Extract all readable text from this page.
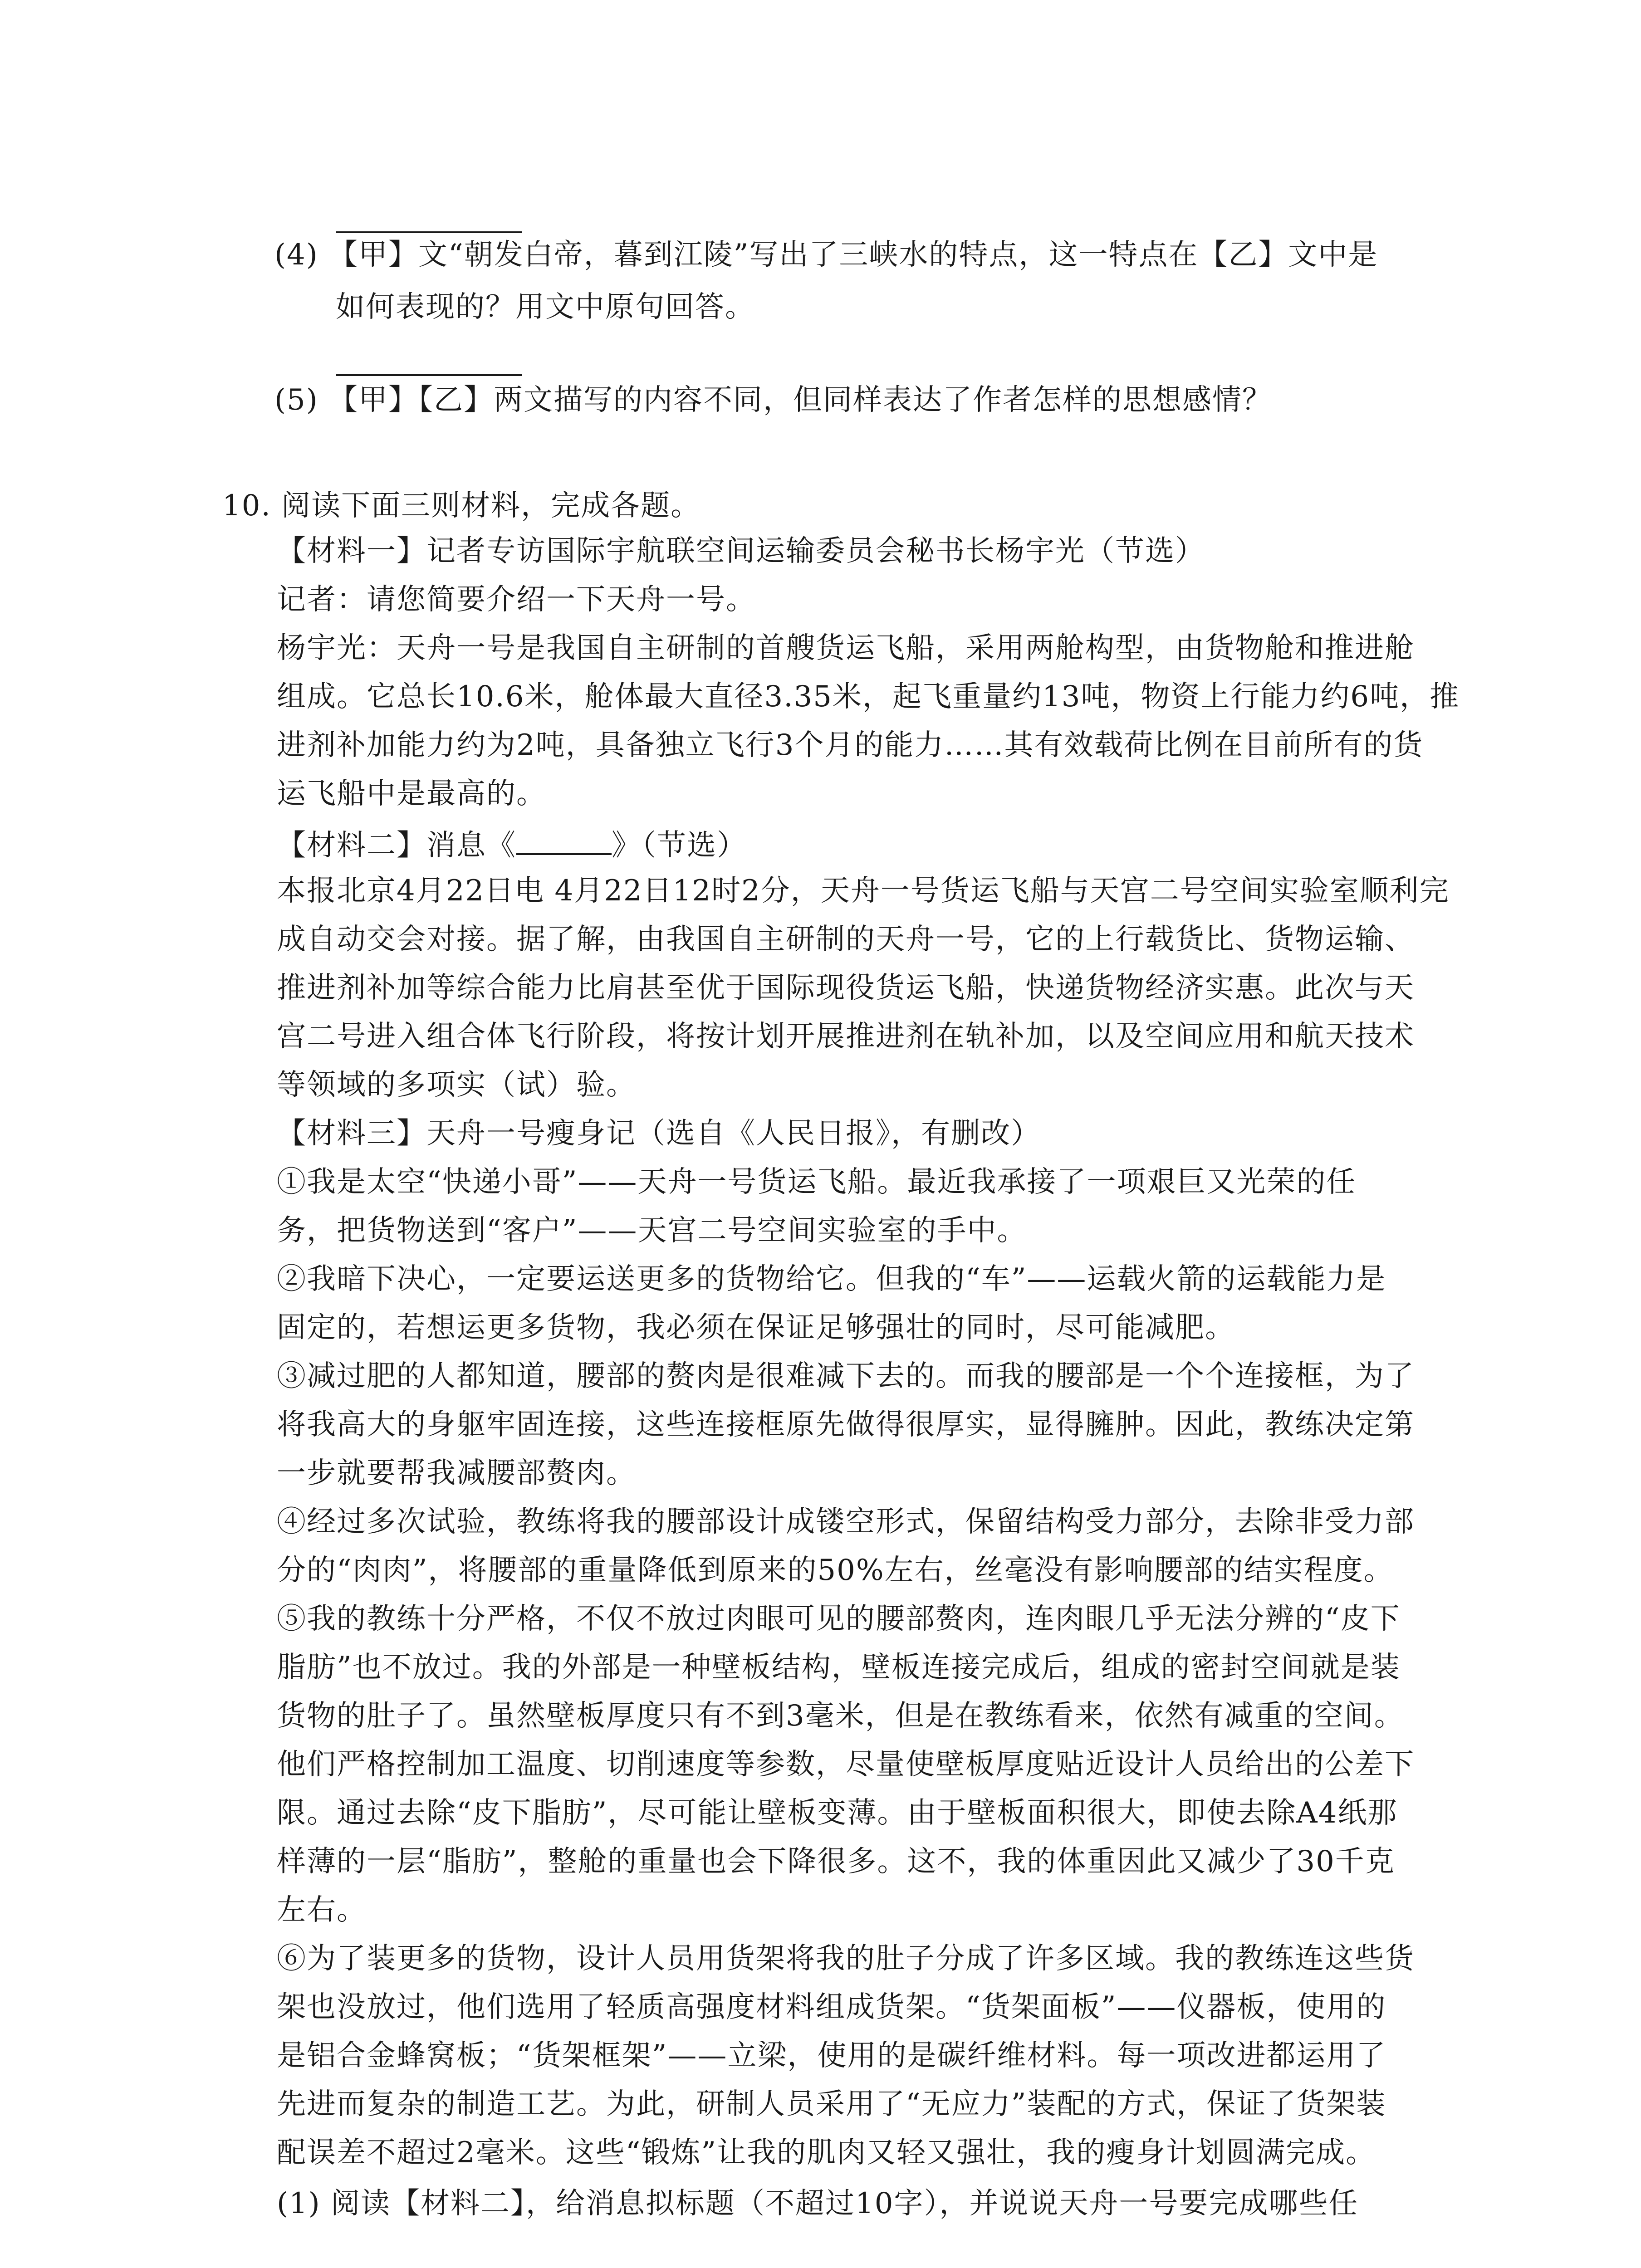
(4) 【甲】文“朝发白帝，暮到江陵”写出了三峡水的特点，这一特点在【乙】文中是
如何表现的？用文中原句回答。
(5) 【甲】【乙】两文描写的内容不同，但同样表达了作者怎样的思想感情？
10. 阅读下面三则材料，完成各题。
【材料一】记者专访国际宇航联空间运输委员会秘书长杨宇光（节选）
记者：请您简要介绍一下天舟一号。
杨宇光：天舟一号是我国自主研制的首艘货运飞船，采用两舱构型，由货物舱和推进舱
组成。它总长10.6米，舱体最大直径3.35米，起飞重量约13吨，物资上行能力约6吨，推
进剂补加能力约为2吨，具备独立飞行3个月的能力……其有效载荷比例在目前所有的货
运飞船中是最高的。
【材料二】消息《	》（节选）
本报北京4月22日电 4月22日12时2分，天舟一号货运飞船与天宫二号空间实验室顺利完
成自动交会对接。据了解，由我国自主研制的天舟一号，它的上行载货比、货物运输、
推进剂补加等综合能力比肩甚至优于国际现役货运飞船，快递货物经济实惠。此次与天
宫二号进入组合体飞行阶段，将按计划开展推进剂在轨补加，以及空间应用和航天技术
等领域的多项实（试）验。
【材料三】天舟一号瘦身记（选自《人民日报》，有删改）
①我是太空“快递小哥”——天舟一号货运飞船。最近我承接了一项艰巨又光荣的任
务，把货物送到“客户”——天宫二号空间实验室的手中。
②我暗下决心，一定要运送更多的货物给它。但我的“车”——运载火箭的运载能力是
固定的，若想运更多货物，我必须在保证足够强壮的同时，尽可能减肥。
③减过肥的人都知道，腰部的赘肉是很难减下去的。而我的腰部是一个个连接框，为了
将我高大的身躯牢固连接，这些连接框原先做得很厚实，显得臃肿。因此，教练决定第
一步就要帮我减腰部赘肉。
④经过多次试验，教练将我的腰部设计成镂空形式，保留结构受力部分，去除非受力部
分的“肉肉”，将腰部的重量降低到原来的50%左右，丝毫没有影响腰部的结实程度。
⑤我的教练十分严格，不仅不放过肉眼可见的腰部赘肉，连肉眼几乎无法分辨的“皮下
脂肪”也不放过。我的外部是一种壁板结构，壁板连接完成后，组成的密封空间就是装
货物的肚子了。虽然壁板厚度只有不到3毫米，但是在教练看来，依然有减重的空间。
他们严格控制加工温度、切削速度等参数，尽量使壁板厚度贴近设计人员给出的公差下
限。通过去除“皮下脂肪”，尽可能让壁板变薄。由于壁板面积很大，即使去除A4纸那
样薄的一层“脂肪”，整舱的重量也会下降很多。这不，我的体重因此又减少了30千克
左右。
⑥为了装更多的货物，设计人员用货架将我的肚子分成了许多区域。我的教练连这些货
架也没放过，他们选用了轻质高强度材料组成货架。“货架面板”——仪器板，使用的
是铝合金蜂窝板；“货架框架”——立梁，使用的是碳纤维材料。每一项改进都运用了
先进而复杂的制造工艺。为此，研制人员采用了“无应力”装配的方式，保证了货架装
配误差不超过2毫米。这些“锻炼”让我的肌肉又轻又强壮，我的瘦身计划圆满完成。
(1) 阅读【材料二】，给消息拟标题（不超过10字），并说说天舟一号要完成哪些任
